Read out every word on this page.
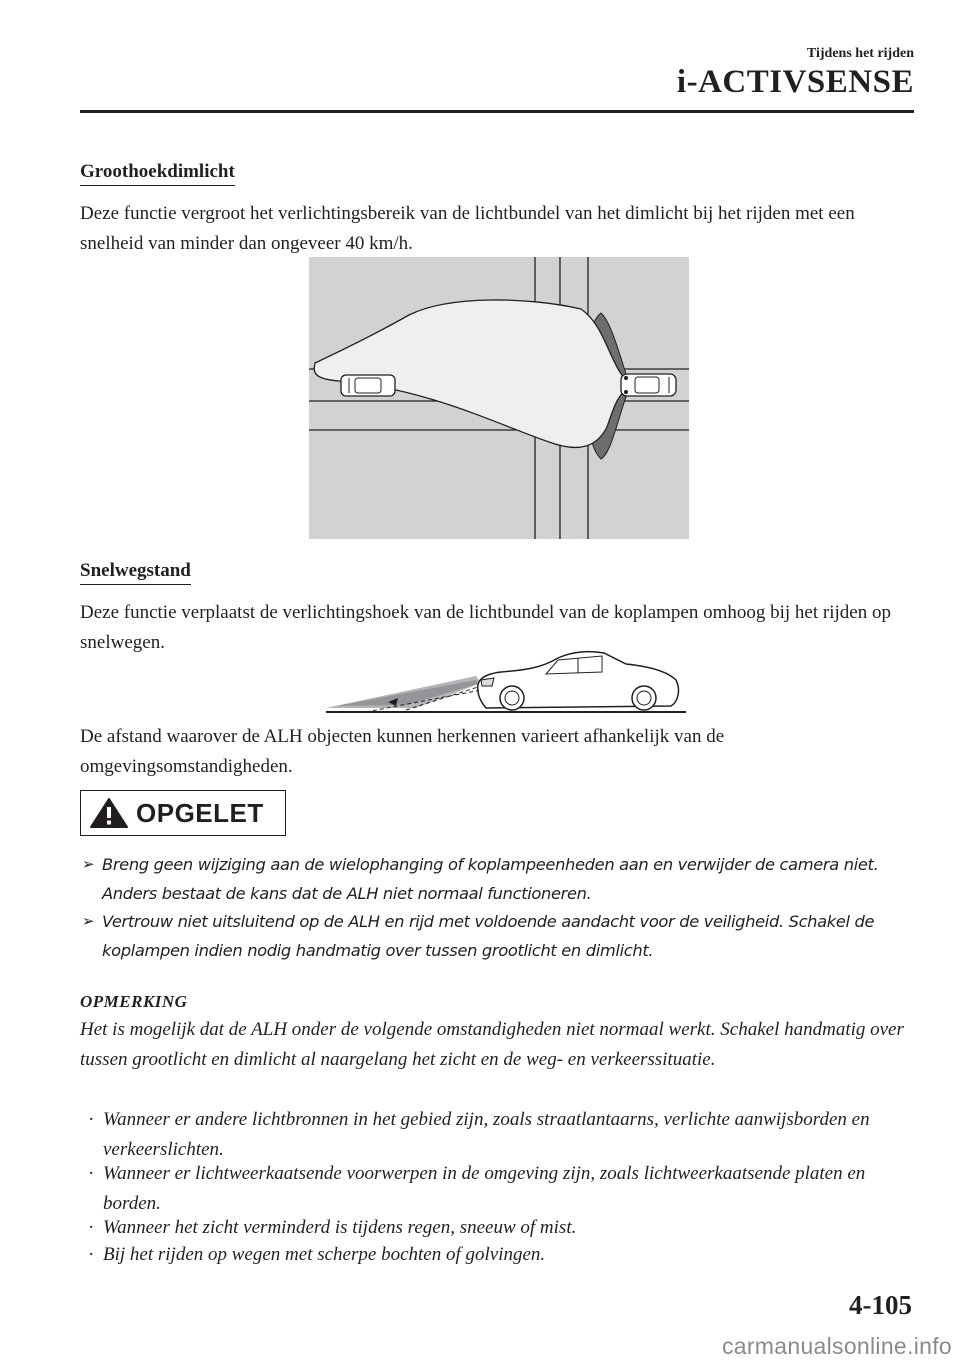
Tijdens het rijden
i-ACTIVSENSE
Groothoekdimlicht
Deze functie vergroot het verlichtingsbereik van de lichtbundel van het dimlicht bij het rijden met een snelheid van minder dan ongeveer 40 km/h.
Snelwegstand
Deze functie verplaatst de verlichtingshoek van de lichtbundel van de koplampen omhoog bij het rijden op snelwegen.
De afstand waarover de ALH objecten kunnen herkennen varieert afhankelijk van de omgevingsomstandigheden.
OPGELET
➢ Breng geen wijziging aan de wielophanging of koplampeenheden aan en verwijder de camera niet. Anders bestaat de kans dat de ALH niet normaal functioneren.
➢ Vertrouw niet uitsluitend op de ALH en rijd met voldoende aandacht voor de veiligheid. Schakel de koplampen indien nodig handmatig over tussen grootlicht en dimlicht.
OPMERKING
Het is mogelijk dat de ALH onder de volgende omstandigheden niet normaal werkt. Schakel handmatig over tussen grootlicht en dimlicht al naargelang het zicht en de weg- en verkeerssituatie.
· Wanneer er andere lichtbronnen in het gebied zijn, zoals straatlantaarns, verlichte aanwijsborden en verkeerslichten.
· Wanneer er lichtweerkaatsende voorwerpen in de omgeving zijn, zoals lichtweerkaatsende platen en borden.
· Wanneer het zicht verminderd is tijdens regen, sneeuw of mist.
· Bij het rijden op wegen met scherpe bochten of golvingen.
4-105
carmanualsonline.info
